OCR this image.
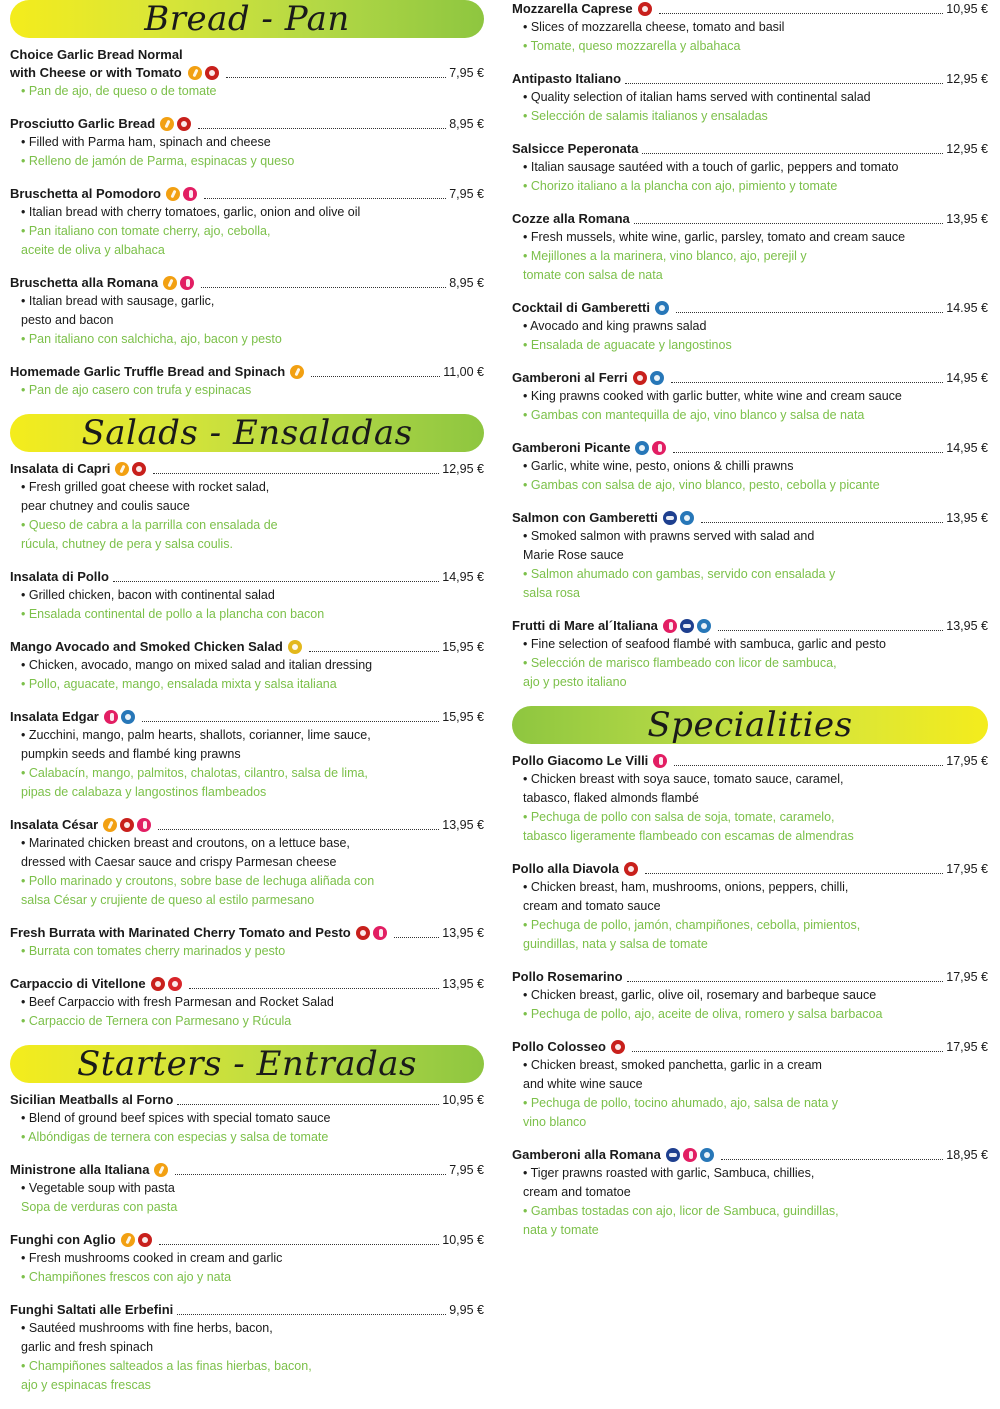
Bread - Pan
Choice Garlic Bread Normal
with Cheese or with Tomato	7,95 €
• Pan de ajo, de queso o de tomate
Prosciutto Garlic Bread	8,95 €
• Filled with Parma ham, spinach and cheese
• Relleno de jamón de Parma, espinacas y queso
Bruschetta al Pomodoro	7,95 €
• Italian bread with cherry tomatoes, garlic, onion and olive oil
• Pan italiano con tomate cherry, ajo, cebolla,
aceite de oliva y albahaca
Bruschetta alla Romana	8,95 €
• Italian bread with sausage, garlic,
pesto and bacon
• Pan italiano con salchicha, ajo, bacon y pesto
Homemade Garlic Truffle Bread and Spinach	11,00 €
• Pan de ajo casero con trufa y espinacas
Salads - Ensaladas
Insalata di Capri	12,95 €
• Fresh grilled goat cheese with rocket salad,
pear chutney and coulis sauce
• Queso de cabra a la parrilla con ensalada de
rúcula, chutney de pera y salsa coulis.
Insalata di Pollo	14,95 €
• Grilled chicken, bacon with continental salad
• Ensalada continental de pollo a la plancha con bacon
Mango Avocado and Smoked Chicken Salad	15,95 €
• Chicken, avocado, mango on mixed salad and italian dressing
• Pollo, aguacate, mango, ensalada mixta y salsa italiana
Insalata Edgar	15,95 €
• Zucchini, mango, palm hearts, shallots, corianner, lime sauce,
pumpkin seeds and flambé king prawns
• Calabacín, mango, palmitos, chalotas, cilantro, salsa de lima,
pipas de calabaza y langostinos flambeados
Insalata César	13,95 €
• Marinated chicken breast and croutons, on a lettuce base,
dressed with Caesar sauce and crispy Parmesan cheese
• Pollo marinado y croutons, sobre base de lechuga aliñada con
salsa César y crujiente de queso al estilo parmesano
Fresh Burrata with Marinated Cherry Tomato and Pesto	13,95 €
• Burrata con tomates cherry marinados y pesto
Carpaccio di Vitellone	13,95 €
• Beef Carpaccio with fresh Parmesan and Rocket Salad
• Carpaccio de Ternera con Parmesano y Rúcula
Starters - Entradas
Sicilian Meatballs al Forno	10,95 €
• Blend of ground beef spices with special tomato sauce
• Albóndigas de ternera con especias y salsa de tomate
Ministrone alla Italiana	7,95 €
• Vegetable soup with pasta
Sopa de verduras con pasta
Funghi con Aglio	10,95 €
• Fresh mushrooms cooked in cream and garlic
• Champiñones frescos con ajo y nata
Funghi Saltati alle Erbefini	9,95 €
• Sautéed mushrooms with fine herbs, bacon,
garlic and fresh spinach
• Champiñones salteados a las finas hierbas, bacon,
ajo y espinacas frescas
Mozzarella Caprese	10,95 €
• Slices of mozzarella cheese, tomato and basil
• Tomate, queso mozzarella y albahaca
Antipasto Italiano	12,95 €
• Quality selection of italian hams served with continental salad
• Selección de salamis italianos y ensaladas
Salsicce Peperonata	12,95 €
• Italian sausage sautéed with a touch of garlic, peppers and tomato
• Chorizo italiano a la plancha con ajo, pimiento y tomate
Cozze alla Romana	13,95 €
• Fresh mussels, white wine, garlic, parsley, tomato and cream sauce
• Mejillones a la marinera, vino blanco, ajo, perejil y
tomate con salsa de nata
Cocktail di Gamberetti	14.95 €
• Avocado and king prawns salad
• Ensalada de aguacate y langostinos
Gamberoni al Ferri	14,95 €
• King prawns cooked with garlic butter, white wine and cream sauce
• Gambas con mantequilla de ajo, vino blanco y salsa de nata
Gamberoni Picante	14,95 €
• Garlic, white wine, pesto, onions & chilli prawns
• Gambas con salsa de ajo, vino blanco, pesto, cebolla y picante
Salmon con Gamberetti	13,95 €
• Smoked salmon with prawns served with salad and
Marie Rose sauce
• Salmon ahumado con gambas, servido con ensalada y
salsa rosa
Frutti di Mare al´Italiana	13,95 €
• Fine selection of seafood flambé with sambuca, garlic and pesto
• Selección de marisco flambeado con licor de sambuca,
ajo y pesto italiano
Specialities
Pollo Giacomo Le Villi	17,95 €
• Chicken breast with soya sauce, tomato sauce, caramel,
tabasco, flaked almonds flambé
• Pechuga de pollo con salsa de soja, tomate, caramelo,
tabasco ligeramente flambeado con escamas de almendras
Pollo alla Diavola	17,95 €
• Chicken breast, ham, mushrooms, onions, peppers, chilli,
cream and tomato sauce
• Pechuga de pollo, jamón, champiñones, cebolla, pimientos,
guindillas, nata y salsa de tomate
Pollo Rosemarino	17,95 €
• Chicken breast, garlic, olive oil, rosemary and barbeque sauce
• Pechuga de pollo, ajo, aceite de oliva, romero y salsa barbacoa
Pollo Colosseo	17,95 €
• Chicken breast, smoked panchetta, garlic in a cream
and white wine sauce
• Pechuga de pollo, tocino ahumado, ajo, salsa de nata y
vino blanco
Gamberoni alla Romana	18,95 €
• Tiger prawns roasted with garlic, Sambuca, chillies,
cream and tomatoe
• Gambas tostadas con ajo, licor de Sambuca, guindillas,
nata y tomate
